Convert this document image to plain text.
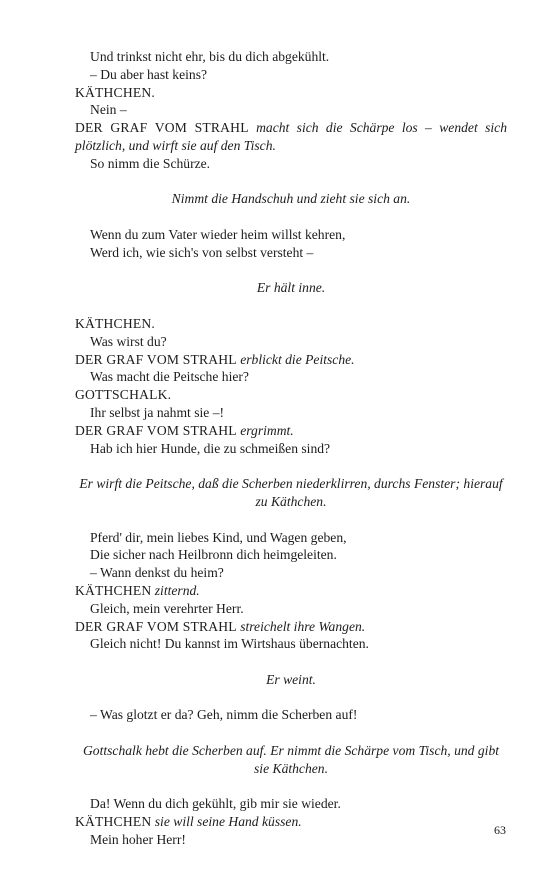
Und trinkst nicht ehr, bis du dich abgekühlt.
– Du aber hast keins?
KÄTHCHEN.
Nein –
DER GRAF VOM STRAHL macht sich die Schärpe los – wendet sich plötzlich, und wirft sie auf den Tisch.
So nimm die Schürze.
Nimmt die Handschuh und zieht sie sich an.
Wenn du zum Vater wieder heim willst kehren,
Werd ich, wie sich's von selbst versteht –
Er hält inne.
KÄTHCHEN.
Was wirst du?
DER GRAF VOM STRAHL erblickt die Peitsche.
Was macht die Peitsche hier?
GOTTSCHALK.
Ihr selbst ja nahmt sie –!
DER GRAF VOM STRAHL ergrimmt.
Hab ich hier Hunde, die zu schmeißen sind?
Er wirft die Peitsche, daß die Scherben niederklirren, durchs Fenster; hierauf zu Käthchen.
Pferd' dir, mein liebes Kind, und Wagen geben,
Die sicher nach Heilbronn dich heimgeleiten.
– Wann denkst du heim?
KÄTHCHEN zitternd.
Gleich, mein verehrter Herr.
DER GRAF VOM STRAHL streichelt ihre Wangen.
Gleich nicht! Du kannst im Wirtshaus übernachten.
Er weint.
– Was glotzt er da? Geh, nimm die Scherben auf!
Gottschalk hebt die Scherben auf. Er nimmt die Schärpe vom Tisch, und gibt sie Käthchen.
Da! Wenn du dich gekühlt, gib mir sie wieder.
KÄTHCHEN sie will seine Hand küssen.
Mein hoher Herr!
63
